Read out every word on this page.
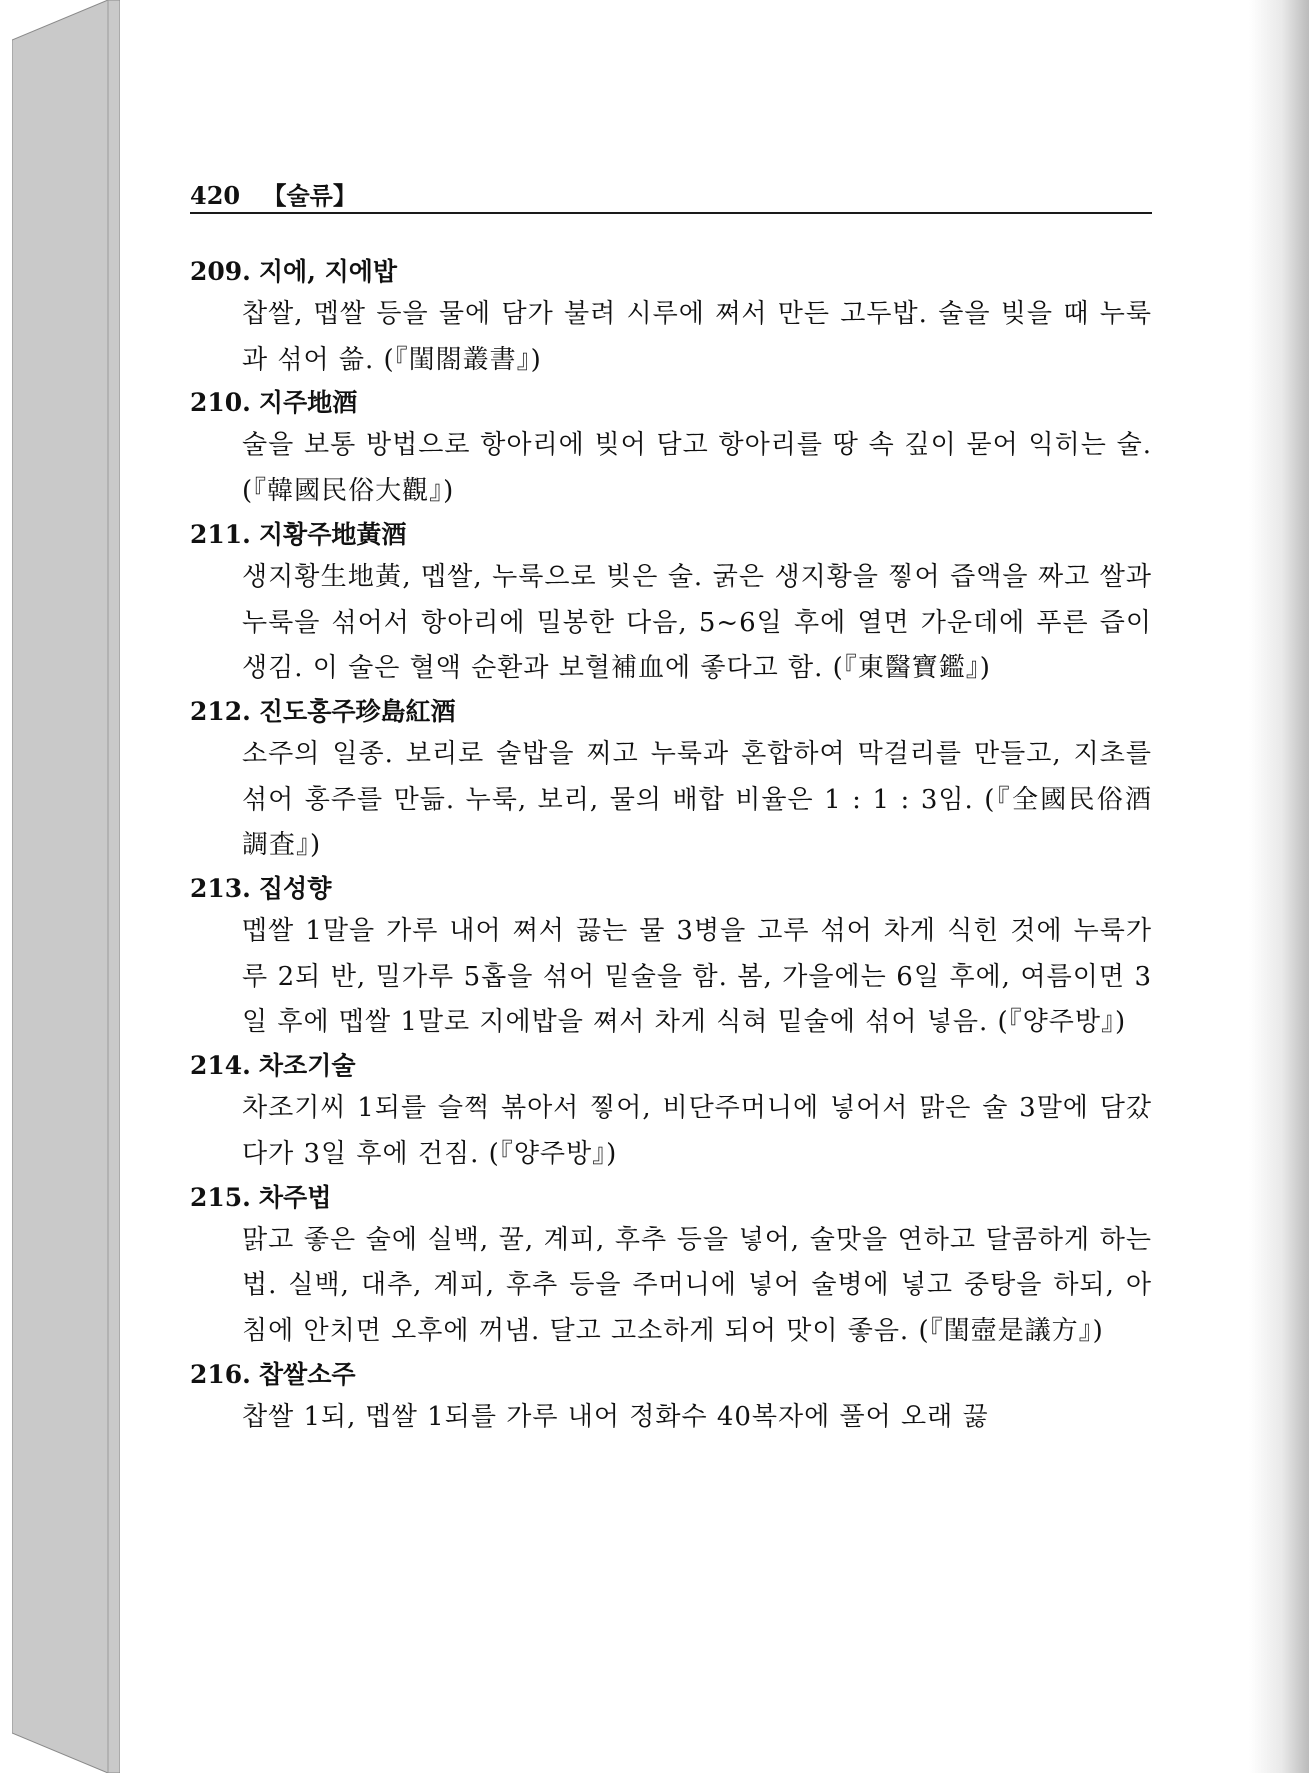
420 【술류】
209. 지에, 지에밥
찹쌀, 멥쌀 등을 물에 담가 불려 시루에 쪄서 만든 고두밥. 술을 빚을 때 누룩과 섞어 쓺. (『閨閤叢書』)
210. 지주地酒
술을 보통 방법으로 항아리에 빚어 담고 항아리를 땅 속 깊이 묻어 익히는 술. (『韓國民俗大觀』)
211. 지황주地黃酒
생지황生地黃, 멥쌀, 누룩으로 빚은 술. 굵은 생지황을 찧어 즙액을 짜고 쌀과 누룩을 섞어서 항아리에 밀봉한 다음, 5~6일 후에 열면 가운데에 푸른 즙이 생김. 이 술은 혈액 순환과 보혈補血에 좋다고 함. (『東醫寶鑑』)
212. 진도홍주珍島紅酒
소주의 일종. 보리로 술밥을 찌고 누룩과 혼합하여 막걸리를 만들고, 지초를 섞어 홍주를 만듦. 누룩, 보리, 물의 배합 비율은 1 : 1 : 3임. (『全國民俗酒調査』)
213. 집성향
멥쌀 1말을 가루 내어 쪄서 끓는 물 3병을 고루 섞어 차게 식힌 것에 누룩가루 2되 반, 밀가루 5홉을 섞어 밑술을 함. 봄, 가을에는 6일 후에, 여름이면 3일 후에 멥쌀 1말로 지에밥을 쪄서 차게 식혀 밑술에 섞어 넣음. (『양주방』)
214. 차조기술
차조기씨 1되를 슬쩍 볶아서 찧어, 비단주머니에 넣어서 맑은 술 3말에 담갔다가 3일 후에 건짐. (『양주방』)
215. 차주법
맑고 좋은 술에 실백, 꿀, 계피, 후추 등을 넣어, 술맛을 연하고 달콤하게 하는 법. 실백, 대추, 계피, 후추 등을 주머니에 넣어 술병에 넣고 중탕을 하되, 아침에 안치면 오후에 꺼냄. 달고 고소하게 되어 맛이 좋음. (『閨壼是議方』)
216. 찹쌀소주
찹쌀 1되, 멥쌀 1되를 가루 내어 정화수 40복자에 풀어 오래 끓
